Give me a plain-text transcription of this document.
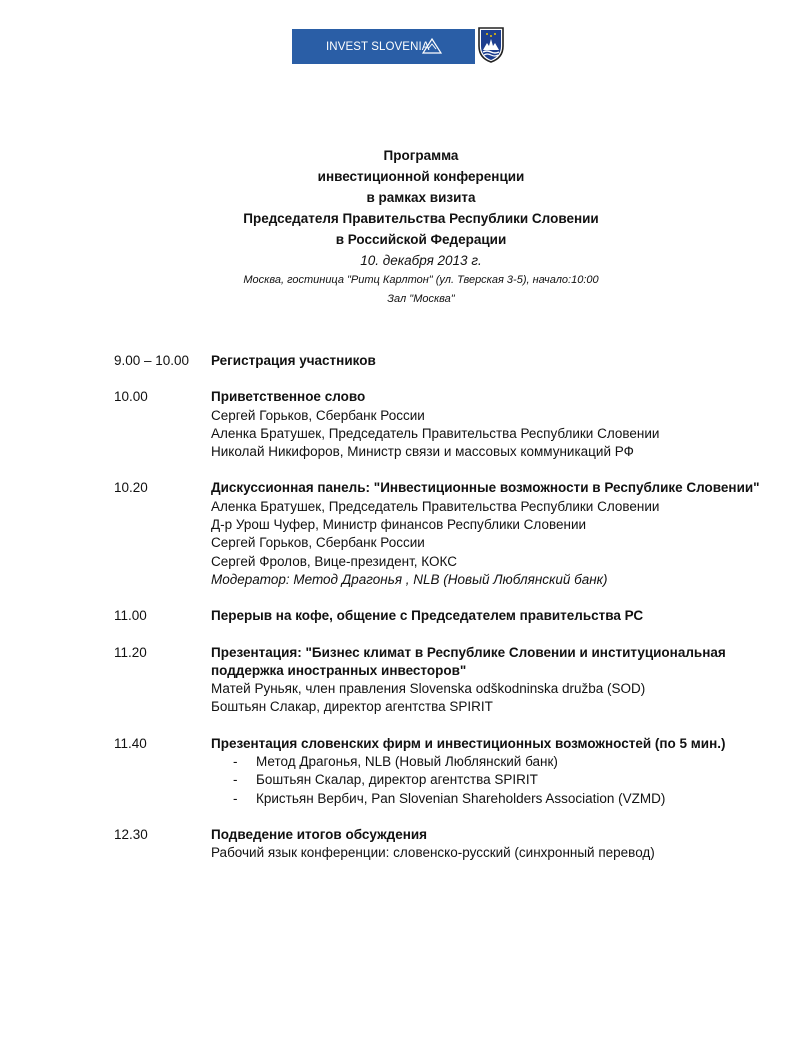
INVEST SLOVENIA
Программа
инвестиционной конференции
в рамках визита
Председателя Правительства Республики Словении
в Российской Федерации
10. декабря 2013 г.
Москва, гостиница "Ритц Карлтон" (ул. Тверская 3-5), начало:10:00
Зал "Москва"
9.00 – 10.00	Регистрация участников
10.00	Приветственное слово
Сергей Горьков, Сбербанк России
Аленка Братушек, Председатель Правительства Республики Словении
Николай Никифоров, Министр связи и массовых коммуникаций РФ
10.20	Дискуссионная панель: "Инвестиционные возможности в Республике Словении"
Аленка Братушек, Председатель Правительства Республики Словении
Д-р Урош Чуфер, Министр финансов Республики Словении
Сергей Горьков, Сбербанк России
Сергей Фролов, Вице-президент, КОКС
Модератор: Метод Драгонья , NLB (Новый Люблянский банк)
11.00	Перерыв на кофе, общение с Председателем правительства РС
11.20	Презентация: "Бизнес климат в Республике Словении и институциональная поддержка иностранных инвесторов"
Матей Руньяк, член правления Slovenska odškodninska družba (SOD)
Боштьян Слакар, директор агентства SPIRIT
11.40	Презентация словенских фирм и инвестиционных возможностей (по 5 мин.)
- Метод Драгонья, NLB (Новый Люблянский банк)
- Боштьян Скалар, директор агентства SPIRIT
- Кристьян Вербич, Pan Slovenian Shareholders Association (VZMD)
12.30	Подведение итогов обсуждения
Рабочий язык конференции: словенско-русский (синхронный перевод)
